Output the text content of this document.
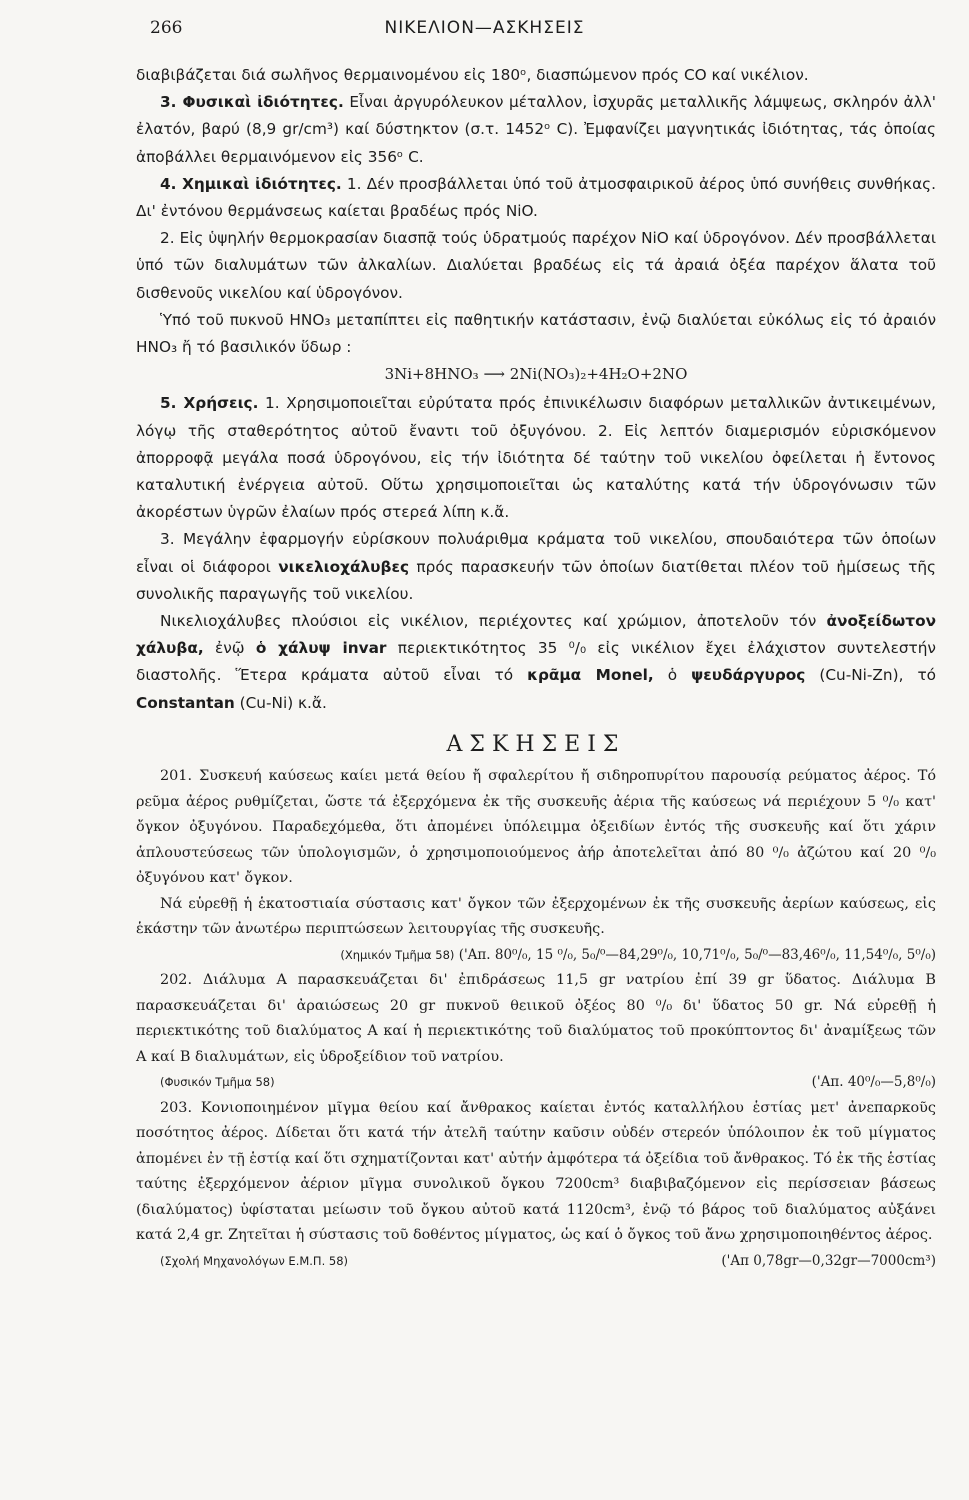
266	ΝΙΚΕΛΙΟΝ—ΑΣΚΗΣΕΙΣ

διαβιβάζεται διά σωλῆνος θερμαινομένου εἰς 180ᵒ, διασπώμενον πρός CO καί νικέλιον.

3. Φυσικαὶ ἰδιότητες. Εἶναι ἀργυρόλευκον μέταλλον, ἰσχυρᾶς μεταλλικῆς λάμψεως, σκληρόν ἀλλ' ἐλατόν, βαρύ (8,9 gr/cm³) καί δύστηκτον (σ.τ. 1452ᵒ C). Ἐμφανίζει μαγνητικάς ἰδιότητας, τάς ὁποίας ἀποβάλλει θερμαινόμενον εἰς 356ᵒ C.

4. Χημικαὶ ἰδιότητες. 1. Δέν προσβάλλεται ὑπό τοῦ ἀτμοσφαιρικοῦ ἀέρος ὑπό συνήθεις συνθήκας. Δι' ἐντόνου θερμάνσεως καίεται βραδέως πρός NiO.

2. Εἰς ὑψηλήν θερμοκρασίαν διασπᾷ τούς ὑδρατμούς παρέχον NiO καί ὑδρογόνον. Δέν προσβάλλεται ὑπό τῶν διαλυμάτων τῶν ἀλκαλίων. Διαλύεται βραδέως εἰς τά ἀραιά ὀξέα παρέχον ἅλατα τοῦ δισθενοῦς νικελίου καί ὑδρογόνον.

Ὑπό τοῦ πυκνοῦ HNO₃ μεταπίπτει εἰς παθητικήν κατάστασιν, ἐνῷ διαλύεται εὐκόλως εἰς τό ἀραιόν HNO₃ ἤ τό βασιλικόν ὕδωρ :

3Ni+8HNO₃ ⟶ 2Ni(NO₃)₂+4H₂O+2NO

5. Χρήσεις. 1. Χρησιμοποιεῖται εὐρύτατα πρός ἐπινικέλωσιν διαφόρων μεταλλικῶν ἀντικειμένων, λόγῳ τῆς σταθερότητος αὐτοῦ ἔναντι τοῦ ὀξυγόνου. 2. Εἰς λεπτόν διαμερισμόν εὑρισκόμενον ἀπορροφᾷ μεγάλα ποσά ὑδρογόνου, εἰς τήν ἰδιότητα δέ ταύτην τοῦ νικελίου ὀφείλεται ἡ ἔντονος καταλυτική ἐνέργεια αὐτοῦ. Οὕτω χρησιμοποιεῖται ὡς καταλύτης κατά τήν ὑδρογόνωσιν τῶν ἀκορέστων ὑγρῶν ἐλαίων πρός στερεά λίπη κ.ἄ.

3. Μεγάλην ἐφαρμογήν εὑρίσκουν πολυάριθμα κράματα τοῦ νικελίου, σπουδαιότερα τῶν ὁποίων εἶναι οἱ διάφοροι νικελιοχάλυβες πρός παρασκευήν τῶν ὁποίων διατίθεται πλέον τοῦ ἡμίσεως τῆς συνολικῆς παραγωγῆς τοῦ νικελίου.

Νικελιοχάλυβες πλούσιοι εἰς νικέλιον, περιέχοντες καί χρώμιον, ἀποτελοῦν τόν ἀνοξείδωτον χάλυβα, ἐνῷ ὁ χάλυψ invar περιεκτικότητος 35 ⁰/₀ εἰς νικέλιον ἔχει ἐλάχιστον συντελεστήν διαστολῆς. Ἕτερα κράματα αὐτοῦ εἶναι τό κρᾶμα Monel, ὁ ψευδάργυρος (Cu-Ni-Zn), τό Constantan (Cu-Ni) κ.ἄ.

ΑΣΚΗΣΕΙΣ

201. Συσκευή καύσεως καίει μετά θείου ἤ σφαλερίτου ἤ σιδηροπυρίτου παρουσίᾳ ρεύματος ἀέρος. Τό ρεῦμα ἀέρος ρυθμίζεται, ὥστε τά ἐξερχόμενα ἐκ τῆς συσκευῆς ἀέρια τῆς καύσεως νά περιέχουν 5 ⁰/₀ κατ' ὄγκον ὀξυγόνου. Παραδεχόμεθα, ὅτι ἀπομένει ὑπόλειμμα ὀξειδίων ἐντός τῆς συσκευῆς καί ὅτι χάριν ἁπλουστεύσεως τῶν ὑπολογισμῶν, ὁ χρησιμοποιούμενος ἀήρ ἀποτελεῖται ἀπό 80 ⁰/₀ ἀζώτου καί 20 ⁰/₀ ὀξυγόνου κατ' ὄγκον.

Νά εὑρεθῇ ἡ ἑκατοστιαία σύστασις κατ' ὄγκον τῶν ἐξερχομένων ἐκ τῆς συσκευῆς ἀερίων καύσεως, εἰς ἑκάστην τῶν ἀνωτέρω περιπτώσεων λειτουργίας τῆς συσκευῆς.

(Χημικόν Τμῆμα 58) ('Απ. 80⁰/₀, 15 ⁰/₀, 5₀/⁰—84,29⁰/₀, 10,71⁰/₀, 5₀/⁰—83,46⁰/₀, 11,54⁰/₀, 5⁰/₀)

202. Διάλυμα Α παρασκευάζεται δι' ἐπιδράσεως 11,5 gr νατρίου ἐπί 39 gr ὕδατος. Διάλυμα Β παρασκευάζεται δι' ἀραιώσεως 20 gr πυκνοῦ θειικοῦ ὀξέος 80 ⁰/₀ δι' ὕδατος 50 gr. Νά εὑρεθῇ ἡ περιεκτικότης τοῦ διαλύματος Α καί ἡ περιεκτικότης τοῦ διαλύματος τοῦ προκύπτοντος δι' ἀναμίξεως τῶν Α καί Β διαλυμάτων, εἰς ὑδροξείδιον τοῦ νατρίου.

(Φυσικόν Τμῆμα 58)	('Απ. 40⁰/₀—5,8⁰/₀)

203. Κονιοποιημένον μῖγμα θείου καί ἄνθρακος καίεται ἐντός καταλλήλου ἑστίας μετ' ἀνεπαρκοῦς ποσότητος ἀέρος. Δίδεται ὅτι κατά τήν ἀτελῆ ταύτην καῦσιν οὐδέν στερεόν ὑπόλοιπον ἐκ τοῦ μίγματος ἀπομένει ἐν τῇ ἑστίᾳ καί ὅτι σχηματίζονται κατ' αὐτήν ἀμφότερα τά ὀξείδια τοῦ ἄνθρακος. Τό ἐκ τῆς ἑστίας ταύτης ἐξερχόμενον ἀέριον μῖγμα συνολικοῦ ὄγκου 7200cm³ διαβιβαζόμενον εἰς περίσσειαν βάσεως (διαλύματος) ὑφίσταται μείωσιν τοῦ ὄγκου αὐτοῦ κατά 1120cm³, ἐνῷ τό βάρος τοῦ διαλύματος αὐξάνει κατά 2,4 gr. Ζητεῖται ἡ σύστασις τοῦ δοθέντος μίγματος, ὡς καί ὁ ὄγκος τοῦ ἄνω χρησιμοποιηθέντος ἀέρος.

(Σχολή Μηχανολόγων Ε.Μ.Π. 58)	('Απ 0,78gr—0,32gr—7000cm³)
